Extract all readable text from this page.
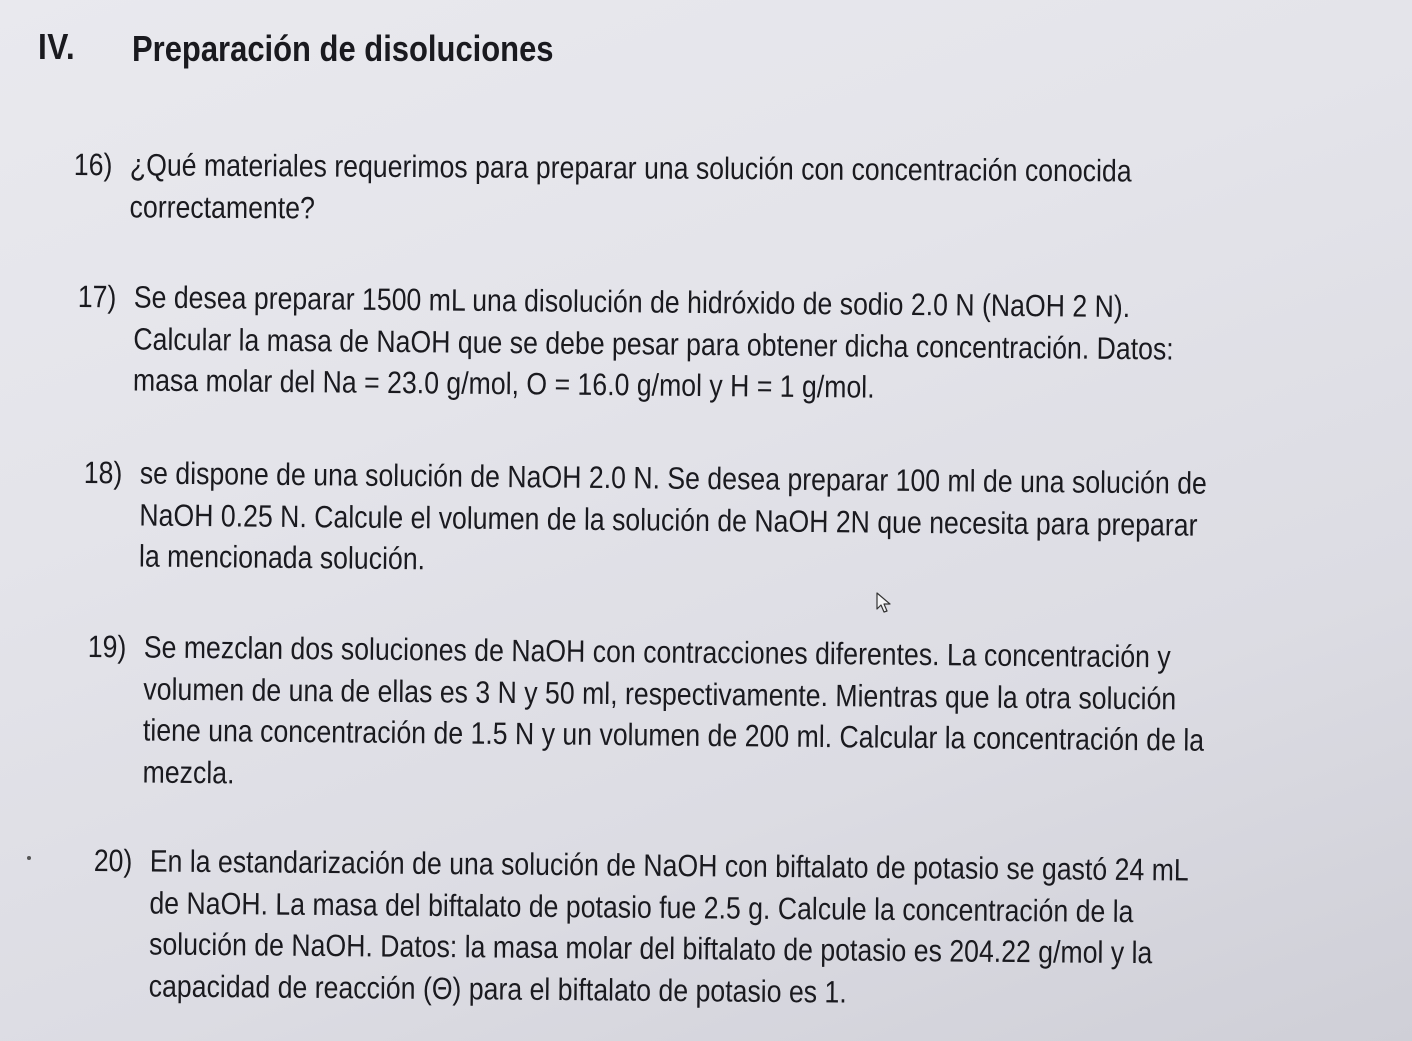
IV. Preparación de disoluciones
16) ¿Qué materiales requerimos para preparar una solución con concentración conocida

correctamente?

17) Se desea preparar 1500 mL una disolución de hidróxido de sodio 2.0 N (NaOH 2 N).

Calcular la masa de NaOH que se debe pesar para obtener dicha concentración. Datos:

masa molar del Na = 23.0 g/mol, O = 16.0 g/mol y H = 1 g/mol.

18) se dispone de una solución de NaOH 2.0 N. Se desea preparar 100 ml de una solución de

NaOH 0.25 N. Calcule el volumen de la solución de NaOH 2N que necesita para preparar

la mencionada solución.

19) Se mezclan dos soluciones de NaOH con contracciones diferentes. La concentración y

volumen de una de ellas es 3 N y 50 ml, respectivamente. Mientras que la otra solución

tiene una concentración de 1.5 N y un volumen de 200 ml. Calcular la concentración de la

mezcla.

20) En la estandarización de una solución de NaOH con biftalato de potasio se gastó 24 mL

de NaOH. La masa del biftalato de potasio fue 2.5 g. Calcule la concentración de la

solución de NaOH. Datos: la masa molar del biftalato de potasio es 204.22 g/mol y la

capacidad de reacción (Θ) para el biftalato de potasio es 1.
